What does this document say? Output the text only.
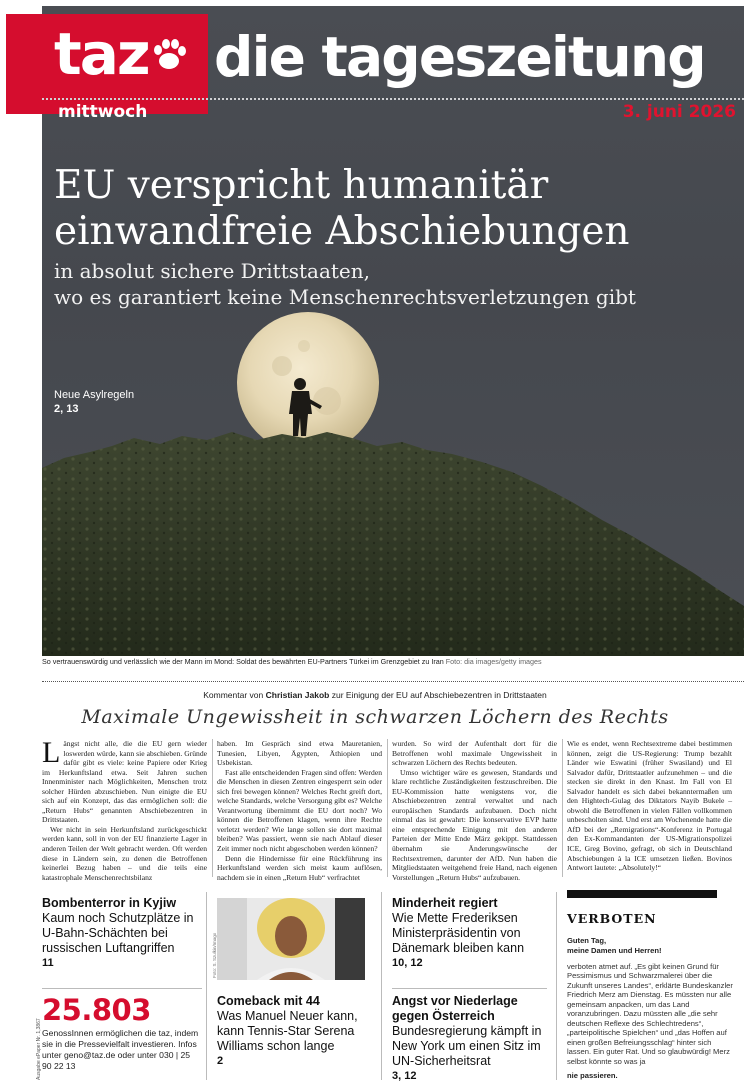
taz die tageszeitung
mittwoch	3. juni 2026
EU verspricht humanitär
einwandfreie Abschiebungen
in absolut sichere Drittstaaten,
wo es garantiert keine Menschenrechtsverletzungen gibt
Neue Asylregeln
2, 13
So vertrauenswürdig und verlässlich wie der Mann im Mond: Soldat des bewährten EU-Partners Türkei im Grenzgebiet zu Iran Foto: dia images/getty images
Kommentar von Christian Jakob zur Einigung der EU auf Abschiebezentren in Drittstaaten
Maximale Ungewissheit in schwarzen Löchern des Rechts

Längst nicht alle, die die EU gern wieder loswerden würde, kann sie abschieben. Gründe dafür gibt es viele: keine Papiere oder Krieg im Herkunftsland etwa. Seit Jahren suchen Innenminister nach Möglichkeiten, Menschen trotz solcher Hürden abzuschieben. Nun einigte die EU sich auf ein Konzept, das das ermöglichen soll: die „Return Hubs“ genannten Abschiebezentren in Drittstaaten.

Wer nicht in sein Herkunftsland zurückgeschickt werden kann, soll in von der EU finanzierte Lager in anderen Teilen der Welt gebracht werden. Oft werden diese in Ländern sein, zu denen die Betroffenen keinerlei Bezug haben – und die teils eine katastrophale Menschenrechtsbilanz

haben. Im Gespräch sind etwa Mauretanien, Tunesien, Libyen, Ägypten, Äthiopien und Usbekistan.

Fast alle entscheidenden Fragen sind offen: Werden die Menschen in diesen Zentren eingesperrt sein oder sich frei bewegen können? Welches Recht greift dort, welche Standards, welche Versorgung gibt es? Welche Verantwortung übernimmt die EU dort noch? Wo können die Betroffenen klagen, wenn ihre Rechte verletzt werden? Wie lange sollen sie dort maximal bleiben? Was passiert, wenn sie nach Ablauf dieser Zeit immer noch nicht abgeschoben werden können?

Denn die Hindernisse für eine Rückführung ins Herkunftsland werden sich meist kaum auflösen, nachdem sie in einen „Return Hub“ verfrachtet

wurden. So wird der Aufenthalt dort für die Betroffenen wohl maximale Ungewissheit in schwarzen Löchern des Rechts bedeuten.

Umso wichtiger wäre es gewesen, Standards und klare rechtliche Zuständigkeiten festzuschreiben. Die EU-Kommission hatte wenigstens vor, die Abschiebezentren zentral verwaltet und nach europäischen Standards aufzubauen. Doch nicht einmal das ist gewahrt: Die konservative EVP hatte eine entsprechende Einigung mit den anderen Parteien der Mitte Ende März gekippt. Stattdessen übernahm sie Änderungswünsche der Rechtsextremen, darunter der AfD. Nun haben die Mitgliedstaaten weitgehend freie Hand, nach eigenen Vorstellungen „Return Hubs“ aufzubauen.

Wie es endet, wenn Rechtsextreme dabei bestimmen können, zeigt die US-Regierung: Trump bezahlt Länder wie Eswatini (früher Swasiland) und El Salvador dafür, Drittstaatler aufzunehmen – und die stecken sie direkt in den Knast. Im Fall von El Salvador handelt es sich dabei bekanntermaßen um den Hightech-Gulag des Diktators Nayib Bukele – obwohl die Betroffenen in vielen Fällen vollkommen unbescholten sind. Und erst am Wochenende hatte die AfD bei der „Remigrations“-Konferenz in Portugal den Ex-Kommandanten der US-Migrationspolizei ICE, Greg Bovino, gefragt, ob sich in Deutschland Abschiebungen à la ICE umsetzen ließen. Bovinos Antwort lautete: „Absolutely!“

Bombenterror in Kyjiw
Kaum noch Schutzplätze in U-Bahn-Schächten bei russischen Luftangriffen
11
25.803
GenossInnen ermöglichen die taz, indem sie in die Pressevielfalt investieren. Infos unter geno@taz.de oder unter 030 | 25 90 22 13
Ausgabe ePaper Nr. 1,3867
Foto: S. Szulkin/Imago
Comeback mit 44
Was Manuel Neuer kann, kann Tennis-Star Serena Williams schon lange
2
Minderheit regiert
Wie Mette Frederiksen Ministerpräsidentin von Dänemark bleiben kann
10, 12
Angst vor Niederlage gegen Österreich
Bundesregierung kämpft in New York um einen Sitz im UN-Sicherheitsrat
3, 12
VERBOTEN
Guten Tag,
meine Damen und Herren!
verboten atmet auf. „Es gibt keinen Grund für Pessimismus und Schwarzmalerei über die Zukunft unseres Landes“, erklärte Bundeskanzler Friedrich Merz am Dienstag. Es müssten nur alle gemeinsam anpacken, um das Land voranzubringen. Dazu müssten alle „die sehr deutschen Reflexe des Schlechtredens“, „parteipolitische Spielchen“ und „das Hoffen auf einen großen Befreiungsschlag“ hinter sich lassen. Ein guter Rat. Und so glaubwürdig! Merz selbst könnte so was ja
nie passieren.
